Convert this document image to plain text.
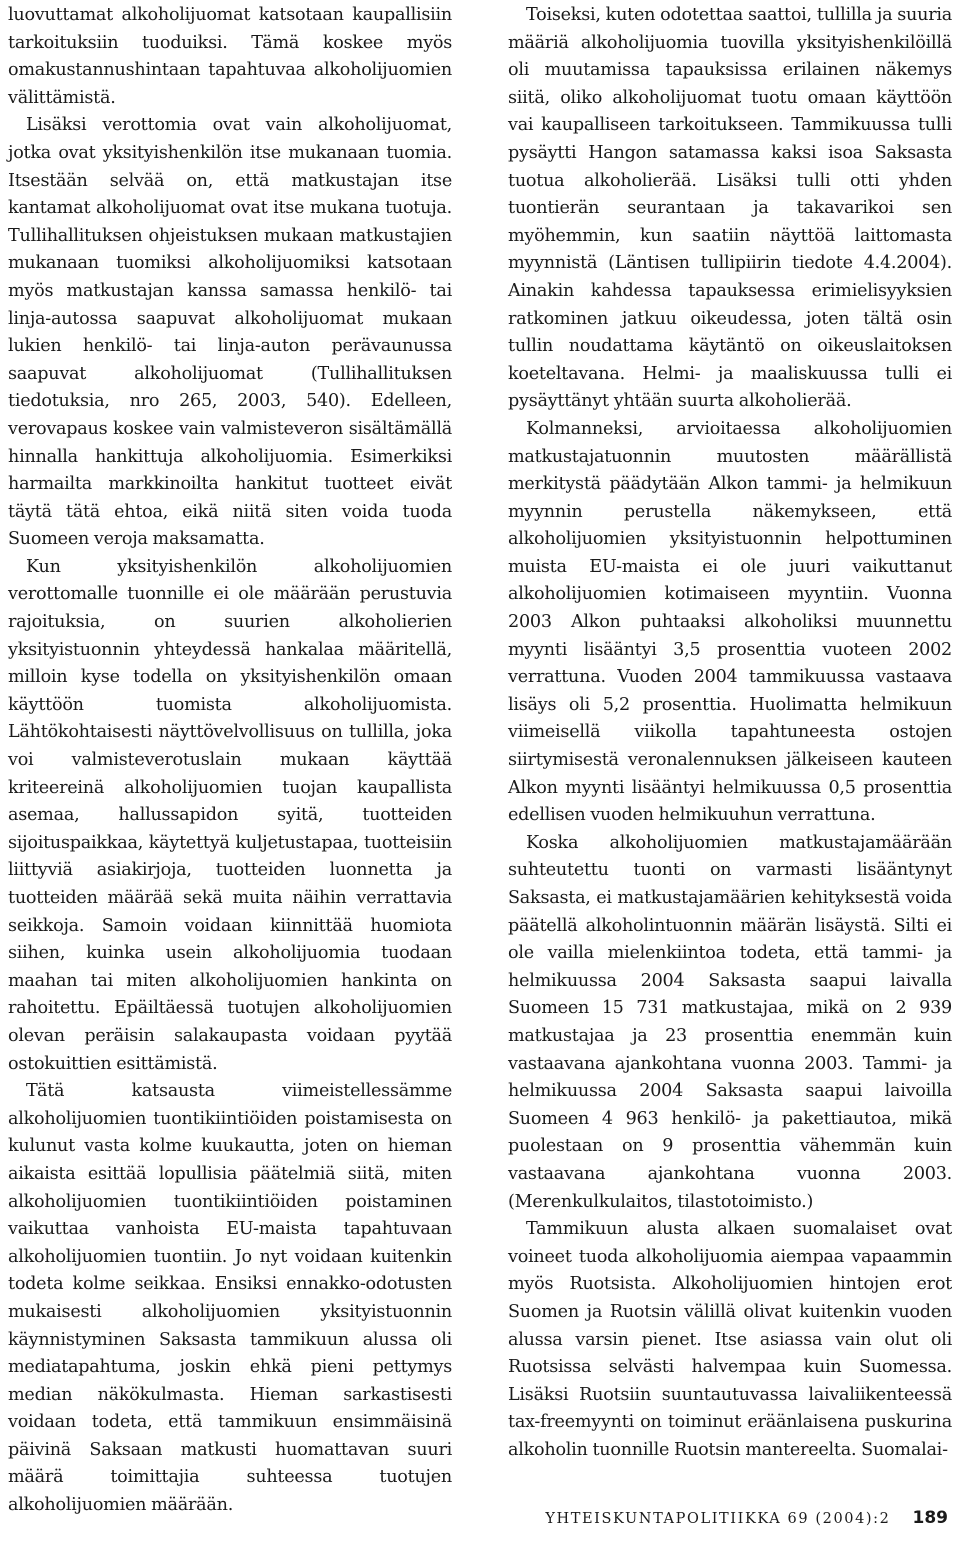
luovuttamat alkoholijuomat katsotaan kaupallisiin tarkoituksiin tuoduiksi. Tämä koskee myös omakustannushintaan tapahtuvaa alkoholijuomien välittämistä.

Lisäksi verottomia ovat vain alkoholijuomat, jotka ovat yksityishenkilön itse mukanaan tuomia. Itsestään selvää on, että matkustajan itse kantamat alkoholijuomat ovat itse mukana tuotuja. Tullihallituksen ohjeistuksen mukaan matkustajien mukanaan tuomiksi alkoholijuomiksi katsotaan myös matkustajan kanssa samassa henkilö- tai linja-autossa saapuvat alkoholijuomat mukaan lukien henkilö- tai linja-auton perävaunussa saapuvat alkoholijuomat (Tullihallituksen tiedotuksia, nro 265, 2003, 540). Edelleen, verovapaus koskee vain valmisteveron sisältämällä hinnalla hankittuja alkoholijuomia. Esimerkiksi harmailta markkinoilta hankitut tuotteet eivät täytä tätä ehtoa, eikä niitä siten voida tuoda Suomeen veroja maksamatta.

Kun yksityishenkilön alkoholijuomien verottomalle tuonnille ei ole määrään perustuvia rajoituksia, on suurien alkoholierien yksityistuonnin yhteydessä hankalaa määritellä, milloin kyse todella on yksityishenkilön omaan käyttöön tuomista alkoholijuomista. Lähtökohtaisesti näyttövelvollisuus on tullilla, joka voi valmisteverotuslain mukaan käyttää kriteereinä alkoholijuomien tuojan kaupallista asemaa, hallussapidon syitä, tuotteiden sijoituspaikkaa, käytettyä kuljetustapaa, tuotteisiin liittyviä asiakirjoja, tuotteiden luonnetta ja tuotteiden määrää sekä muita näihin verrattavia seikkoja. Samoin voidaan kiinnittää huomiota siihen, kuinka usein alkoholijuomia tuodaan maahan tai miten alkoholijuomien hankinta on rahoitettu. Epäiltäessä tuotujen alkoholijuomien olevan peräisin salakaupasta voidaan pyytää ostokuittien esittämistä.

Tätä katsausta viimeistellessämme alkoholijuomien tuontikiintiöiden poistamisesta on kulunut vasta kolme kuukautta, joten on hieman aikaista esittää lopullisia päätelmiä siitä, miten alkoholijuomien tuontikiintiöiden poistaminen vaikuttaa vanhoista EU-maista tapahtuvaan alkoholijuomien tuontiin. Jo nyt voidaan kuitenkin todeta kolme seikkaa. Ensiksi ennakko-odotusten mukaisesti alkoholijuomien yksityistuonnin käynnistyminen Saksasta tammikuun alussa oli mediatapahtuma, joskin ehkä pieni pettymys median näkökulmasta. Hieman sarkastisesti voidaan todeta, että tammikuun ensimmäisinä päivinä Saksaan matkusti huomattavan suuri määrä toimittajia suhteessa tuotujen alkoholijuomien määrään.

Toiseksi, kuten odotettaa saattoi, tullilla ja suuria määriä alkoholijuomia tuovilla yksityishenkilöillä oli muutamissa tapauksissa erilainen näkemys siitä, oliko alkoholijuomat tuotu omaan käyttöön vai kaupalliseen tarkoitukseen. Tammikuussa tulli pysäytti Hangon satamassa kaksi isoa Saksasta tuotua alkoholierää. Lisäksi tulli otti yhden tuontierän seurantaan ja takavarikoi sen myöhemmin, kun saatiin näyttöä laittomasta myynnistä (Läntisen tullipiirin tiedote 4.4.2004). Ainakin kahdessa tapauksessa erimielisyyksien ratkominen jatkuu oikeudessa, joten tältä osin tullin noudattama käytäntö on oikeuslaitoksen koeteltavana. Helmi- ja maaliskuussa tulli ei pysäyttänyt yhtään suurta alkoholierää.

Kolmanneksi, arvioitaessa alkoholijuomien matkustajatuonnin muutosten määrällistä merkitystä päädytään Alkon tammi- ja helmikuun myynnin perustella näkemykseen, että alkoholijuomien yksityistuonnin helpottuminen muista EU-maista ei ole juuri vaikuttanut alkoholijuomien kotimaiseen myyntiin. Vuonna 2003 Alkon puhtaaksi alkoholiksi muunnettu myynti lisääntyi 3,5 prosenttia vuoteen 2002 verrattuna. Vuoden 2004 tammikuussa vastaava lisäys oli 5,2 prosenttia. Huolimatta helmikuun viimeisellä viikolla tapahtuneesta ostojen siirtymisestä veronalennuksen jälkeiseen kauteen Alkon myynti lisääntyi helmikuussa 0,5 prosenttia edellisen vuoden helmikuuhun verrattuna.

Koska alkoholijuomien matkustajamäärään suhteutettu tuonti on varmasti lisääntynyt Saksasta, ei matkustajamäärien kehityksestä voida päätellä alkoholintuonnin määrän lisäystä. Silti ei ole vailla mielenkiintoa todeta, että tammi- ja helmikuussa 2004 Saksasta saapui laivalla Suomeen 15 731 matkustajaa, mikä on 2 939 matkustajaa ja 23 prosenttia enemmän kuin vastaavana ajankohtana vuonna 2003. Tammi- ja helmikuussa 2004 Saksasta saapui laivoilla Suomeen 4 963 henkilö- ja pakettiautoa, mikä puolestaan on 9 prosenttia vähemmän kuin vastaavana ajankohtana vuonna 2003. (Merenkulkulaitos, tilastotoimisto.)

Tammikuun alusta alkaen suomalaiset ovat voineet tuoda alkoholijuomia aiempaa vapaammin myös Ruotsista. Alkoholijuomien hintojen erot Suomen ja Ruotsin välillä olivat kuitenkin vuoden alussa varsin pienet. Itse asiassa vain olut oli Ruotsissa selvästi halvempaa kuin Suomessa. Lisäksi Ruotsiin suuntautuvassa laivaliikenteessä tax-freemyynti on toiminut eräänlaisena puskurina alkoholin tuonnille Ruotsin mantereelta. Suomalai-

YHTEISKUNTAPOLITIIKKA 69 (2004):2 189
